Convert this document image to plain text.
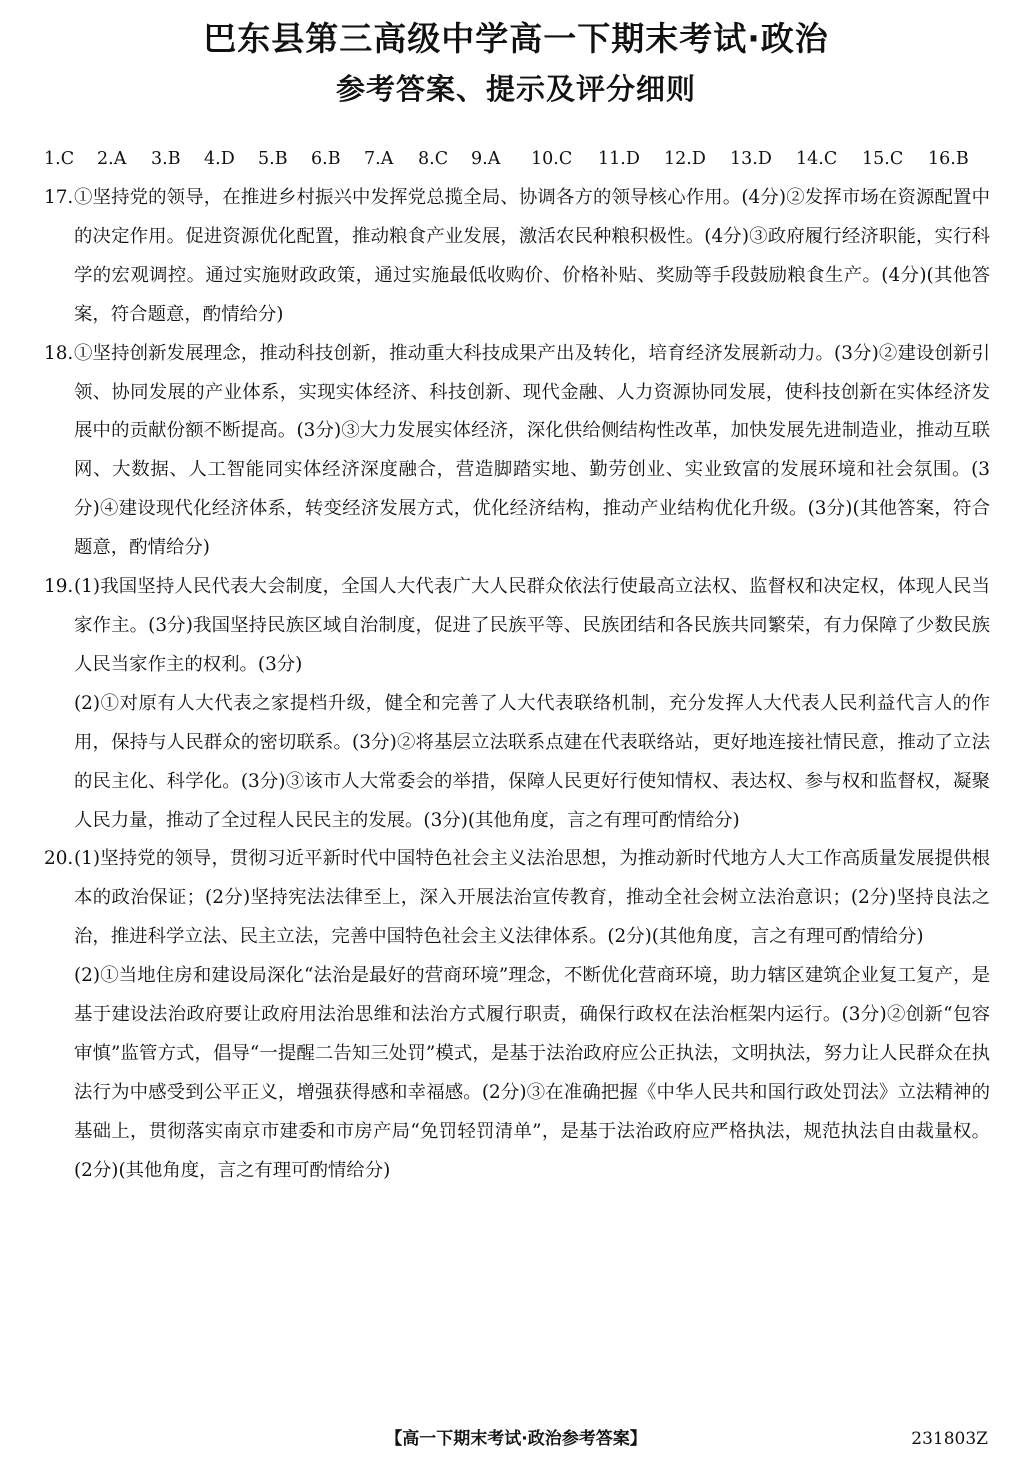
巴东县第三高级中学高一下期末考试·政治
参考答案、提示及评分细则
1.C 2.A 3.B 4.D 5.B 6.B 7.A 8.C 9.A 10.C 11.D 12.D 13.D 14.C 15.C 16.B
17. ①坚持党的领导，在推进乡村振兴中发挥党总揽全局、协调各方的领导核心作用。(4分)②发挥市场在资源配置中的决定作用。促进资源优化配置，推动粮食产业发展，激活农民种粮积极性。(4分)③政府履行经济职能，实行科学的宏观调控。通过实施财政政策，通过实施最低收购价、价格补贴、奖励等手段鼓励粮食生产。(4分)(其他答案，符合题意，酌情给分)

18. ①坚持创新发展理念，推动科技创新，推动重大科技成果产出及转化，培育经济发展新动力。(3分)②建设创新引领、协同发展的产业体系，实现实体经济、科技创新、现代金融、人力资源协同发展，使科技创新在实体经济发展中的贡献份额不断提高。(3分)③大力发展实体经济，深化供给侧结构性改革，加快发展先进制造业，推动互联网、大数据、人工智能同实体经济深度融合，营造脚踏实地、勤劳创业、实业致富的发展环境和社会氛围。(3分)④建设现代化经济体系，转变经济发展方式，优化经济结构，推动产业结构优化升级。(3分)(其他答案，符合题意，酌情给分)

19. (1)我国坚持人民代表大会制度，全国人大代表广大人民群众依法行使最高立法权、监督权和决定权，体现人民当家作主。(3分)我国坚持民族区域自治制度，促进了民族平等、民族团结和各民族共同繁荣，有力保障了少数民族人民当家作主的权利。(3分)

(2)①对原有人大代表之家提档升级，健全和完善了人大代表联络机制，充分发挥人大代表人民利益代言人的作用，保持与人民群众的密切联系。(3分)②将基层立法联系点建在代表联络站，更好地连接社情民意，推动了立法的民主化、科学化。(3分)③该市人大常委会的举措，保障人民更好行使知情权、表达权、参与权和监督权，凝聚人民力量，推动了全过程人民民主的发展。(3分)(其他角度，言之有理可酌情给分)

20. (1)坚持党的领导，贯彻习近平新时代中国特色社会主义法治思想，为推动新时代地方人大工作高质量发展提供根本的政治保证；(2分)坚持宪法法律至上，深入开展法治宣传教育，推动全社会树立法治意识；(2分)坚持良法之治，推进科学立法、民主立法，完善中国特色社会主义法律体系。(2分)(其他角度，言之有理可酌情给分)

(2)①当地住房和建设局深化“法治是最好的营商环境”理念，不断优化营商环境，助力辖区建筑企业复工复产，是基于建设法治政府要让政府用法治思维和法治方式履行职责，确保行政权在法治框架内运行。(3分)②创新“包容审慎”监管方式，倡导“一提醒二告知三处罚”模式，是基于法治政府应公正执法，文明执法，努力让人民群众在执法行为中感受到公平正义，增强获得感和幸福感。(2分)③在准确把握《中华人民共和国行政处罚法》立法精神的基础上，贯彻落实南京市建委和市房产局“免罚轻罚清单”，是基于法治政府应严格执法，规范执法自由裁量权。(2分)(其他角度，言之有理可酌情给分)

【高一下期末考试·政治参考答案】	231803Z
